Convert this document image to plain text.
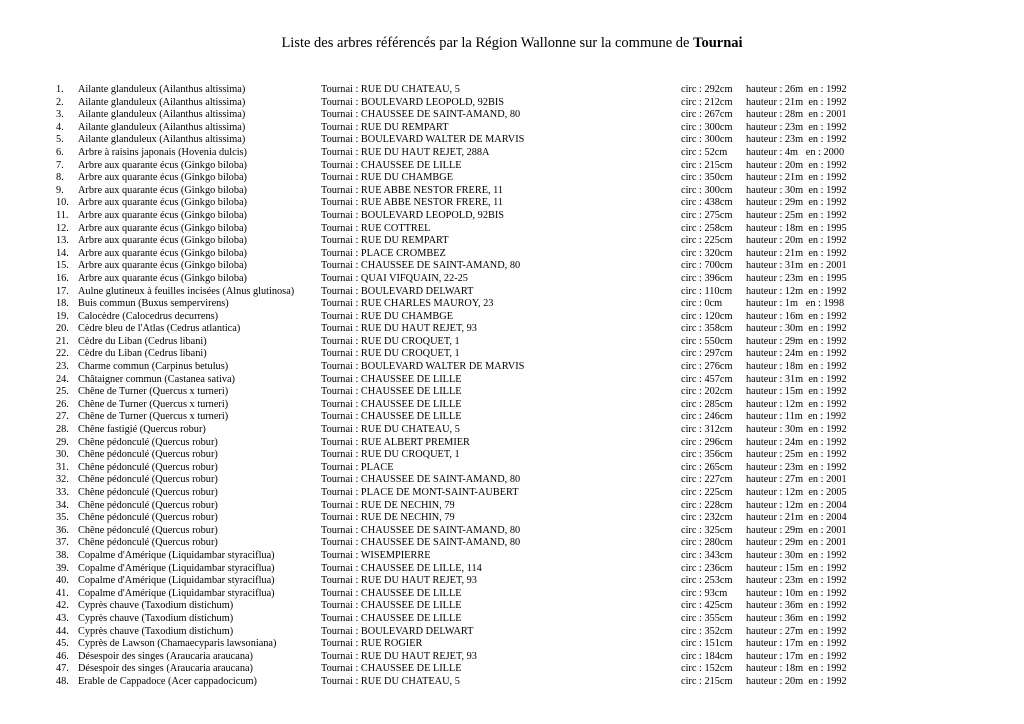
Liste des arbres référencés par la Région Wallonne sur la commune de Tournai
1. Ailante glanduleux (Ailanthus altissima)	Tournai : RUE DU CHATEAU, 5	circ : 292cm hauteur : 26m  en : 1992
2. Ailante glanduleux (Ailanthus altissima)	Tournai : BOULEVARD LEOPOLD, 92BIS	circ : 212cm hauteur : 21m  en : 1992
3. Ailante glanduleux (Ailanthus altissima)	Tournai : CHAUSSEE DE SAINT-AMAND, 80	circ : 267cm hauteur : 28m  en : 2001
4. Ailante glanduleux (Ailanthus altissima)	Tournai : RUE DU REMPART	circ : 300cm hauteur : 23m  en : 1992
5. Ailante glanduleux (Ailanthus altissima)	Tournai : BOULEVARD WALTER DE MARVIS	circ : 300cm hauteur : 23m  en : 1992
6. Arbre à raisins japonais (Hovenia dulcis)	Tournai : RUE DU HAUT REJET, 288A	circ : 52cm hauteur : 4m   en : 2000
7. Arbre aux quarante écus (Ginkgo biloba)	Tournai : CHAUSSEE DE LILLE	circ : 215cm hauteur : 20m  en : 1992
8. Arbre aux quarante écus (Ginkgo biloba)	Tournai : RUE DU CHAMBGE	circ : 350cm hauteur : 21m  en : 1992
9. Arbre aux quarante écus (Ginkgo biloba)	Tournai : RUE ABBE NESTOR FRERE, 11	circ : 300cm hauteur : 30m  en : 1992
10. Arbre aux quarante écus (Ginkgo biloba)	Tournai : RUE ABBE NESTOR FRERE, 11	circ : 438cm hauteur : 29m  en : 1992
11. Arbre aux quarante écus (Ginkgo biloba)	Tournai : BOULEVARD LEOPOLD, 92BIS	circ : 275cm hauteur : 25m  en : 1992
12. Arbre aux quarante écus (Ginkgo biloba)	Tournai : RUE COTTREL	circ : 258cm hauteur : 18m  en : 1995
13. Arbre aux quarante écus (Ginkgo biloba)	Tournai : RUE DU REMPART	circ : 225cm hauteur : 20m  en : 1992
14. Arbre aux quarante écus (Ginkgo biloba)	Tournai : PLACE CROMBEZ	circ : 320cm hauteur : 21m  en : 1992
15. Arbre aux quarante écus (Ginkgo biloba)	Tournai : CHAUSSEE DE SAINT-AMAND, 80	circ : 700cm hauteur : 31m  en : 2001
16. Arbre aux quarante écus (Ginkgo biloba)	Tournai : QUAI VIFQUAIN, 22-25	circ : 396cm hauteur : 23m  en : 1995
17. Aulne glutineux à feuilles incisées (Alnus glutinosa)	Tournai : BOULEVARD DELWART	circ : 110cm hauteur : 12m  en : 1992
18. Buis commun (Buxus sempervirens)	Tournai : RUE CHARLES MAUROY, 23	circ : 0cm hauteur : 1m   en : 1998
19. Calocèdre (Calocedrus decurrens)	Tournai : RUE DU CHAMBGE	circ : 120cm hauteur : 16m  en : 1992
20. Cèdre bleu de l'Atlas (Cedrus atlantica)	Tournai : RUE DU HAUT REJET, 93	circ : 358cm hauteur : 30m  en : 1992
21. Cèdre du Liban (Cedrus libani)	Tournai : RUE DU CROQUET, 1	circ : 550cm hauteur : 29m  en : 1992
22. Cèdre du Liban (Cedrus libani)	Tournai : RUE DU CROQUET, 1	circ : 297cm hauteur : 24m  en : 1992
23. Charme commun (Carpinus betulus)	Tournai : BOULEVARD WALTER DE MARVIS	circ : 276cm hauteur : 18m  en : 1992
24. Châtaigner commun (Castanea sativa)	Tournai : CHAUSSEE DE LILLE	circ : 457cm hauteur : 31m  en : 1992
25. Chêne de Turner (Quercus x turneri)	Tournai : CHAUSSEE DE LILLE	circ : 202cm hauteur : 15m  en : 1992
26. Chêne de Turner (Quercus x turneri)	Tournai : CHAUSSEE DE LILLE	circ : 285cm hauteur : 12m  en : 1992
27. Chêne de Turner (Quercus x turneri)	Tournai : CHAUSSEE DE LILLE	circ : 246cm hauteur : 11m  en : 1992
28. Chêne fastigié (Quercus robur)	Tournai : RUE DU CHATEAU, 5	circ : 312cm hauteur : 30m  en : 1992
29. Chêne pédonculé (Quercus robur)	Tournai : RUE ALBERT PREMIER	circ : 296cm hauteur : 24m  en : 1992
30. Chêne pédonculé (Quercus robur)	Tournai : RUE DU CROQUET, 1	circ : 356cm hauteur : 25m  en : 1992
31. Chêne pédonculé (Quercus robur)	Tournai : PLACE	circ : 265cm hauteur : 23m  en : 1992
32. Chêne pédonculé (Quercus robur)	Tournai : CHAUSSEE DE SAINT-AMAND, 80	circ : 227cm hauteur : 27m  en : 2001
33. Chêne pédonculé (Quercus robur)	Tournai : PLACE DE MONT-SAINT-AUBERT	circ : 225cm hauteur : 12m  en : 2005
34. Chêne pédonculé (Quercus robur)	Tournai : RUE DE NECHIN, 79	circ : 228cm hauteur : 12m  en : 2004
35. Chêne pédonculé (Quercus robur)	Tournai : RUE DE NECHIN, 79	circ : 232cm hauteur : 21m  en : 2004
36. Chêne pédonculé (Quercus robur)	Tournai : CHAUSSEE DE SAINT-AMAND, 80	circ : 325cm hauteur : 29m  en : 2001
37. Chêne pédonculé (Quercus robur)	Tournai : CHAUSSEE DE SAINT-AMAND, 80	circ : 280cm hauteur : 29m  en : 2001
38. Copalme d'Amérique (Liquidambar styraciflua)	Tournai : WISEMPIERRE	circ : 343cm hauteur : 30m  en : 1992
39. Copalme d'Amérique (Liquidambar styraciflua)	Tournai : CHAUSSEE DE LILLE, 114	circ : 236cm hauteur : 15m  en : 1992
40. Copalme d'Amérique (Liquidambar styraciflua)	Tournai : RUE DU HAUT REJET, 93	circ : 253cm hauteur : 23m  en : 1992
41. Copalme d'Amérique (Liquidambar styraciflua)	Tournai : CHAUSSEE DE LILLE	circ : 93cm hauteur : 10m  en : 1992
42. Cyprès chauve (Taxodium distichum)	Tournai : CHAUSSEE DE LILLE	circ : 425cm hauteur : 36m  en : 1992
43. Cyprès chauve (Taxodium distichum)	Tournai : CHAUSSEE DE LILLE	circ : 355cm hauteur : 36m  en : 1992
44. Cyprès chauve (Taxodium distichum)	Tournai : BOULEVARD DELWART	circ : 352cm hauteur : 27m  en : 1992
45. Cyprès de Lawson (Chamaecyparis lawsoniana)	Tournai : RUE ROGIER	circ : 151cm hauteur : 17m  en : 1992
46. Désespoir des singes (Araucaria araucana)	Tournai : RUE DU HAUT REJET, 93	circ : 184cm hauteur : 17m  en : 1992
47. Désespoir des singes (Araucaria araucana)	Tournai : CHAUSSEE DE LILLE	circ : 152cm hauteur : 18m  en : 1992
48. Erable de Cappadoce (Acer cappadocicum)	Tournai : RUE DU CHATEAU, 5	circ : 215cm hauteur : 20m  en : 1992
